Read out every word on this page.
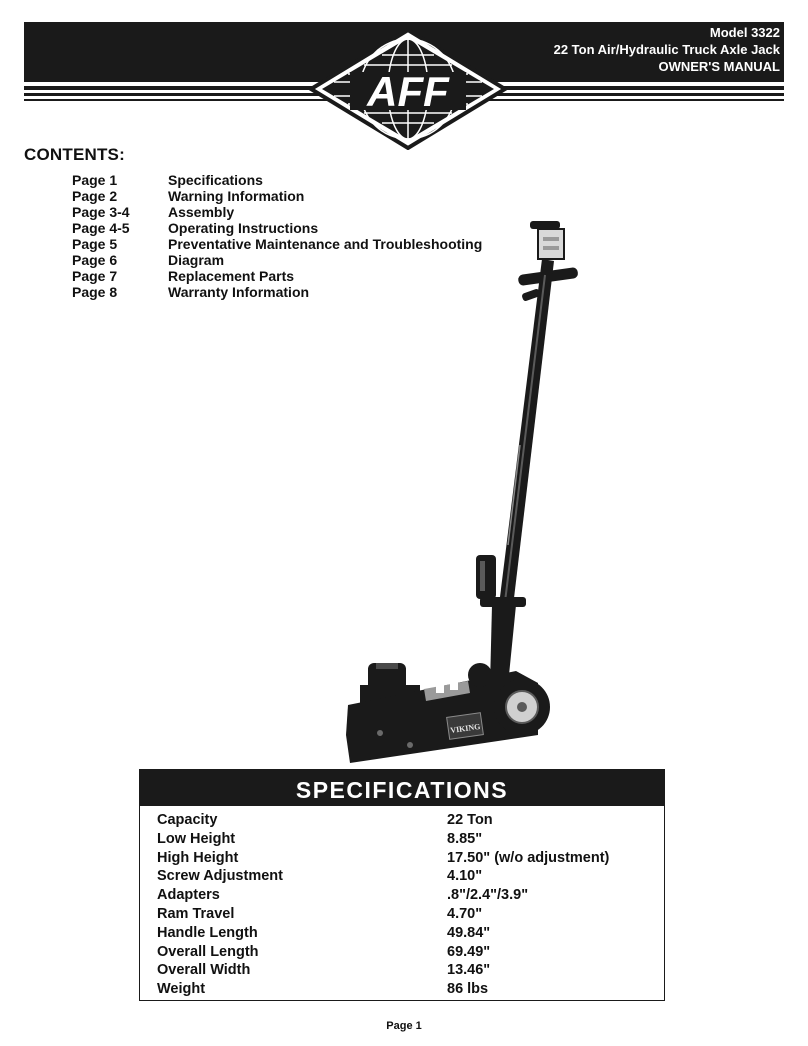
Model 3322
22 Ton Air/Hydraulic Truck Axle Jack
OWNER'S MANUAL
AFF
CONTENTS:
Page 1	Specifications
Page 2	Warning Information
Page 3-4	Assembly
Page 4-5	Operating Instructions
Page 5	Preventative Maintenance and Troubleshooting
Page 6	Diagram
Page 7	Replacement Parts
Page 8	Warranty Information
VIKING
SPECIFICATIONS
Capacity	22 Ton
Low Height	8.85"
High Height	17.50" (w/o adjustment)
Screw Adjustment	4.10"
Adapters	.8"/2.4"/3.9"
Ram Travel	4.70"
Handle Length	49.84"
Overall Length	69.49"
Overall Width	13.46"
Weight	86 lbs
Page 1
